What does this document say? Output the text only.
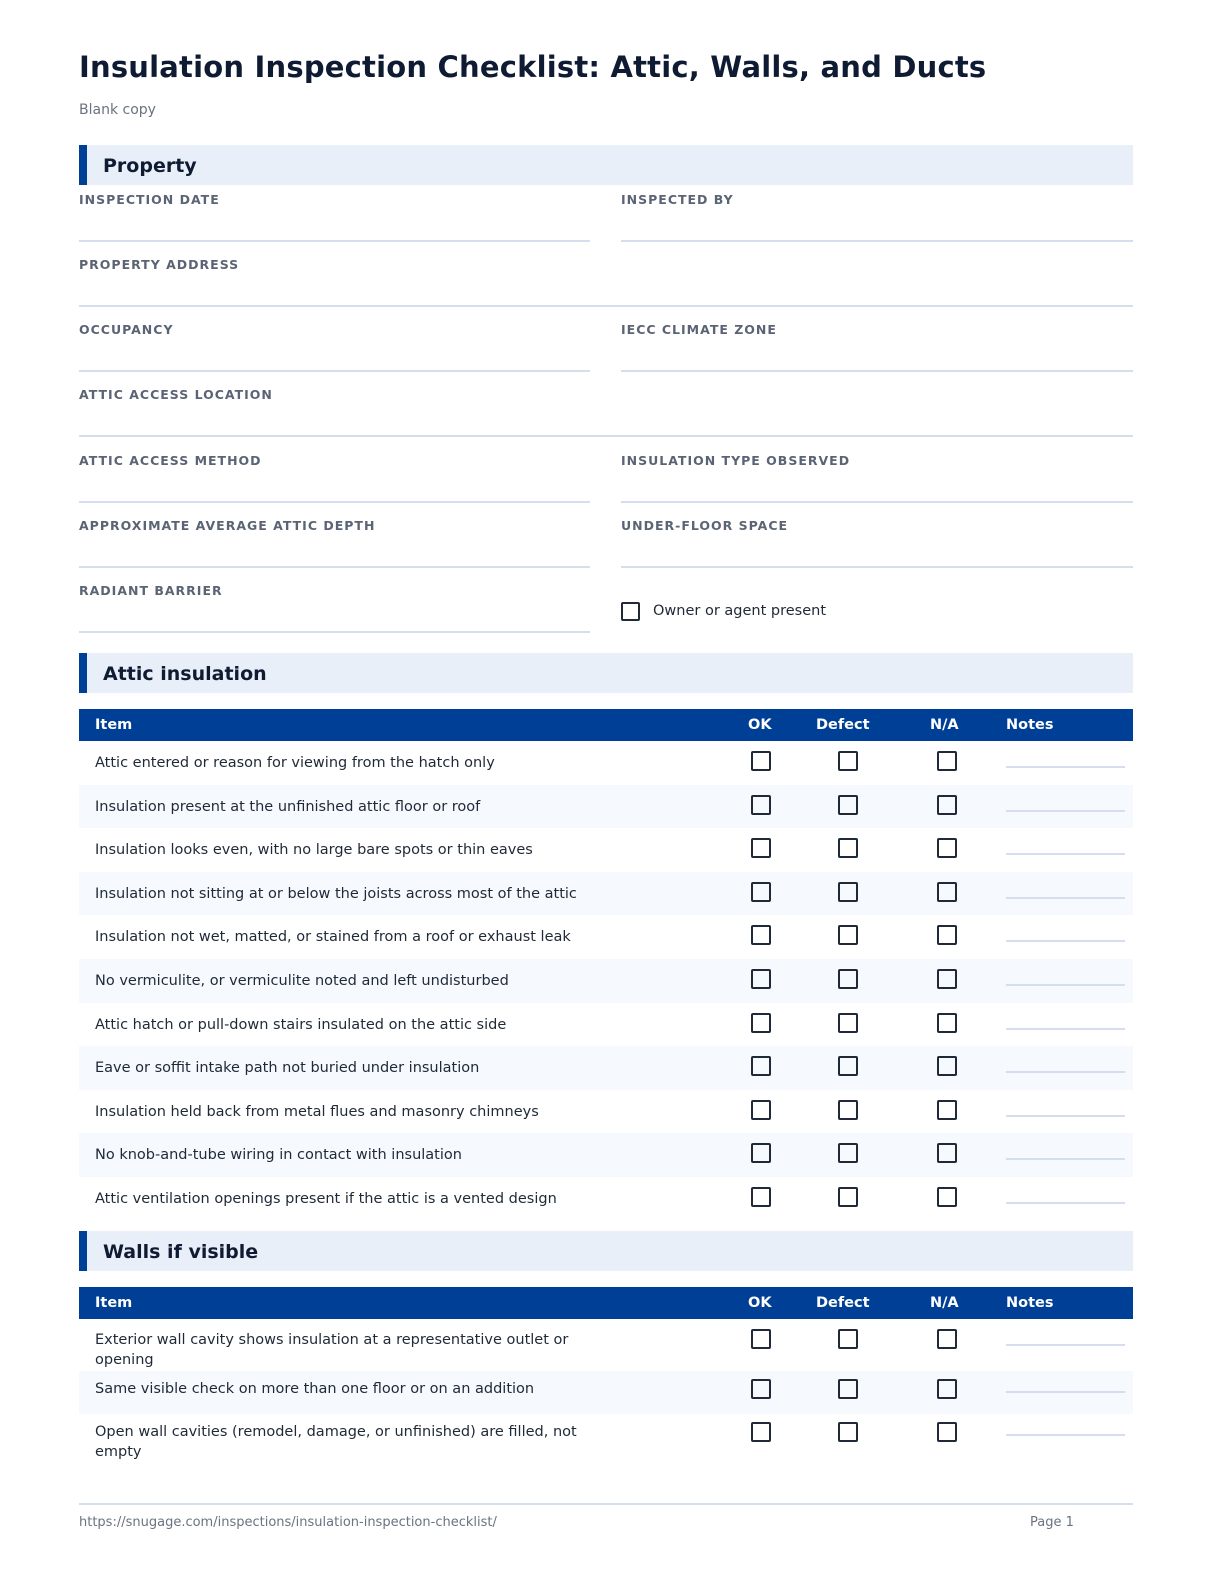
Insulation Inspection Checklist: Attic, Walls, and Ducts
Blank copy
Property
INSPECTION DATE	INSPECTED BY
PROPERTY ADDRESS
OCCUPANCY	IECC CLIMATE ZONE
ATTIC ACCESS LOCATION
ATTIC ACCESS METHOD	INSULATION TYPE OBSERVED
APPROXIMATE AVERAGE ATTIC DEPTH	UNDER-FLOOR SPACE
RADIANT BARRIER
Owner or agent present
Attic insulation
Item	OK	Defect	N/A	Notes
Attic entered or reason for viewing from the hatch only
Insulation present at the unfinished attic floor or roof
Insulation looks even, with no large bare spots or thin eaves
Insulation not sitting at or below the joists across most of the attic
Insulation not wet, matted, or stained from a roof or exhaust leak
No vermiculite, or vermiculite noted and left undisturbed
Attic hatch or pull-down stairs insulated on the attic side
Eave or soffit intake path not buried under insulation
Insulation held back from metal flues and masonry chimneys
No knob-and-tube wiring in contact with insulation
Attic ventilation openings present if the attic is a vented design
Walls if visible
Item	OK	Defect	N/A	Notes
Exterior wall cavity shows insulation at a representative outlet or opening
Same visible check on more than one floor or on an addition
Open wall cavities (remodel, damage, or unfinished) are filled, not empty
https://snugage.com/inspections/insulation-inspection-checklist/	Page 1
